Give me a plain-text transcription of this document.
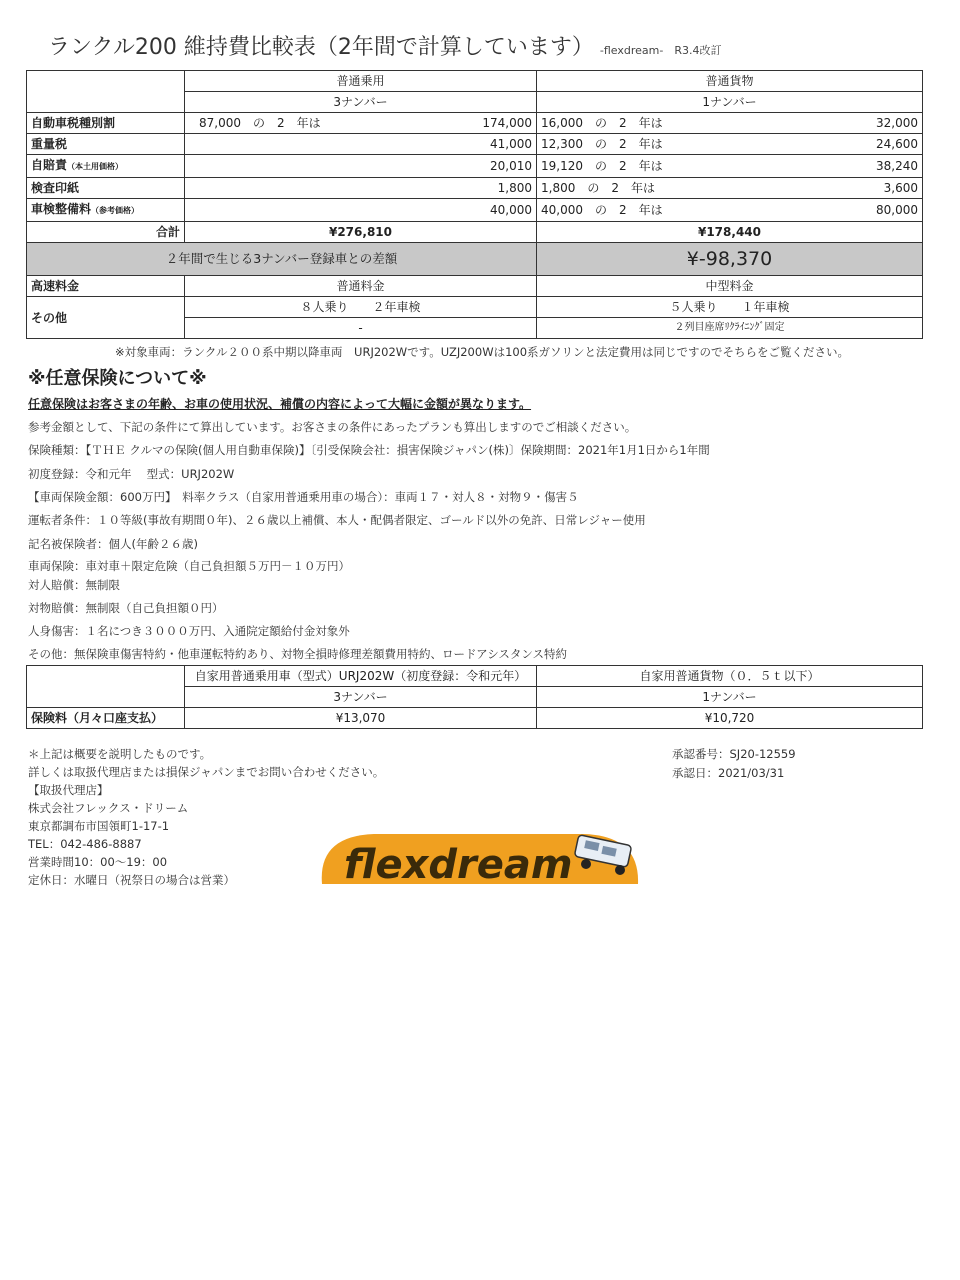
ランクル200 維持費比較表（2年間で計算しています） -flexdream-　R3.4改訂
	普通乗用	普通貨物
	3ナンバー	1ナンバー
自動車税種別割	87,000　の　2　年は 174,000	16,000　の　2　年は 32,000

重量税	41,000	12,300　の　2　年は 24,600

自賠責（本土用価格）	20,010	19,120　の　2　年は 38,240

検査印紙	1,800	1,800　の　2　年は 3,600

車検整備料（参考価格）	40,000	40,000　の　2　年は 80,000

合計	¥276,810	¥178,440
２年間で生じる3ナンバー登録車との差額		¥-98,370
高速料金	普通料金	中型料金
その他	８人乗り　　２年車検	５人乗り　　１年車検
	-	２列目座席ﾘｸﾗｲﾆﾝｸﾞ固定
※対象車両：ランクル２００系中期以降車両　URJ202Wです。UZJ200Wは100系ガソリンと法定費用は同じですのでそちらをご覧ください。
※任意保険について※
任意保険はお客さまの年齢、お車の使用状況、補償の内容によって大幅に金額が異なります。
参考金額として、下記の条件にて算出しています。お客さまの条件にあったプランも算出しますのでご相談ください。
保険種類：【ＴＨＥ クルマの保険(個人用自動車保険)】〔引受保険会社：損害保険ジャパン(株)〕保険期間：2021年1月1日から1年間
初度登録：令和元年　 型式：URJ202W
【車両保険金額：600万円】　料率クラス（自家用普通乗用車の場合）：車両１７・対人８・対物９・傷害５
運転者条件：１０等級(事故有期間０年)、２６歳以上補償、本人・配偶者限定、ゴールド以外の免許、日常レジャー使用
記名被保険者：個人(年齢２６歳)
車両保険：車対車＋限定危険（自己負担額５万円－１０万円）
対人賠償：無制限
対物賠償：無制限（自己負担額０円）
人身傷害：１名につき３０００万円、入通院定額給付金対象外
その他：無保険車傷害特約・他車運転特約あり、対物全損時修理差額費用特約、ロードアシスタンス特約
	自家用普通乗用車（型式）URJ202W（初度登録：令和元年）	自家用普通貨物（０．５ｔ以下）
	3ナンバー	1ナンバー
保険料（月々口座支払）	¥13,070	¥10,720
＊上記は概要を説明したものです。
詳しくは取扱代理店または損保ジャパンまでお問い合わせください。
【取扱代理店】
株式会社フレックス・ドリーム
東京都調布市国領町1-17-1
TEL：042-486-8887
営業時間10：00～19：00
定休日：水曜日（祝祭日の場合は営業）
承認番号：SJ20-12559
承認日：2021/03/31
flexdream
